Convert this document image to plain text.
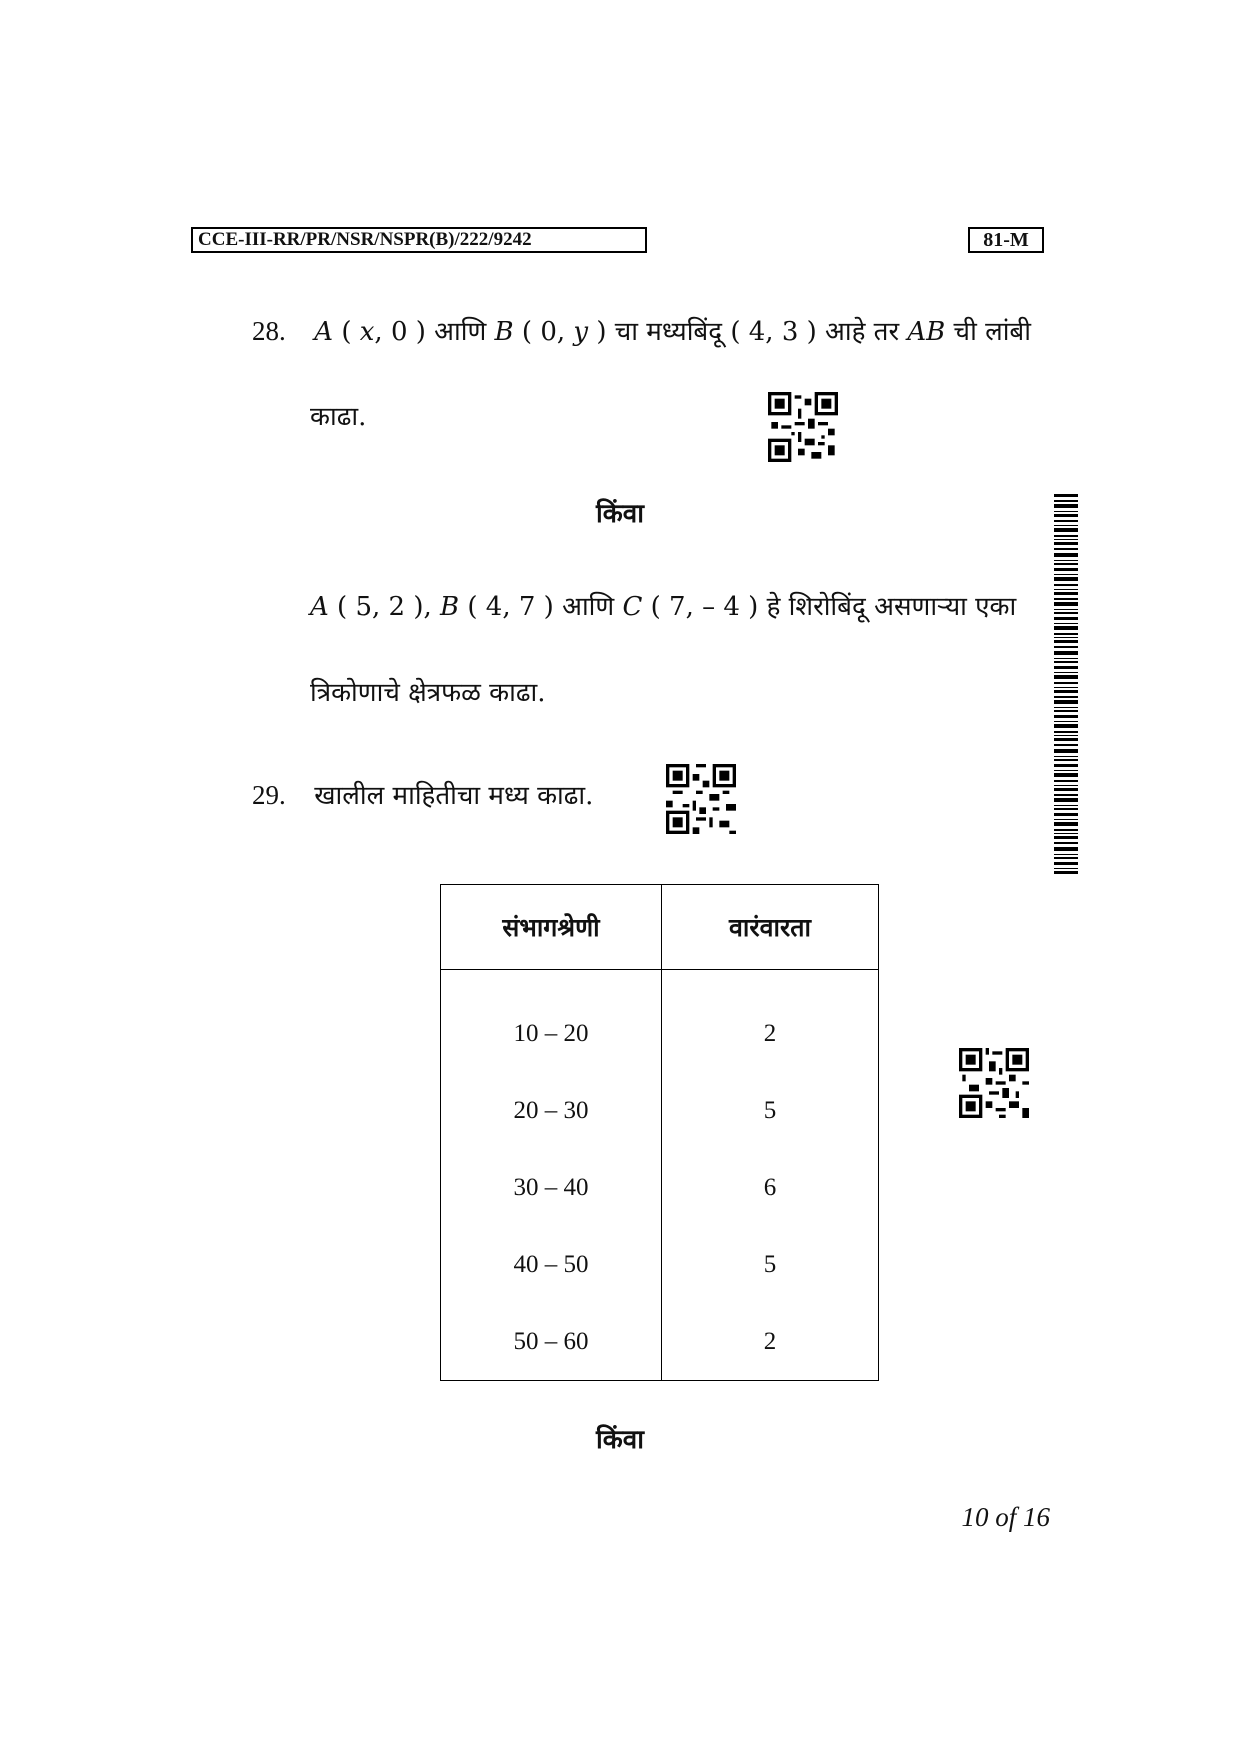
CCE-III-RR/PR/NSR/NSPR(B)/222/9242	81-M
28. A ( x, 0 ) आणि B ( 0, y ) चा मध्यबिंदू ( 4, 3 ) आहे तर AB ची लांबी
काढा.
किंवा
A ( 5, 2 ), B ( 4, 7 ) आणि C ( 7, – 4 ) हे शिरोबिंदू असणाऱ्या एका
त्रिकोणाचे क्षेत्रफळ काढा.
29. खालील माहितीचा मध्य काढा.
संभागश्रेणी	वारंवारता
10 – 20	2
20 – 30	5
30 – 40	6
40 – 50	5
50 – 60	2
किंवा
10 of 16
